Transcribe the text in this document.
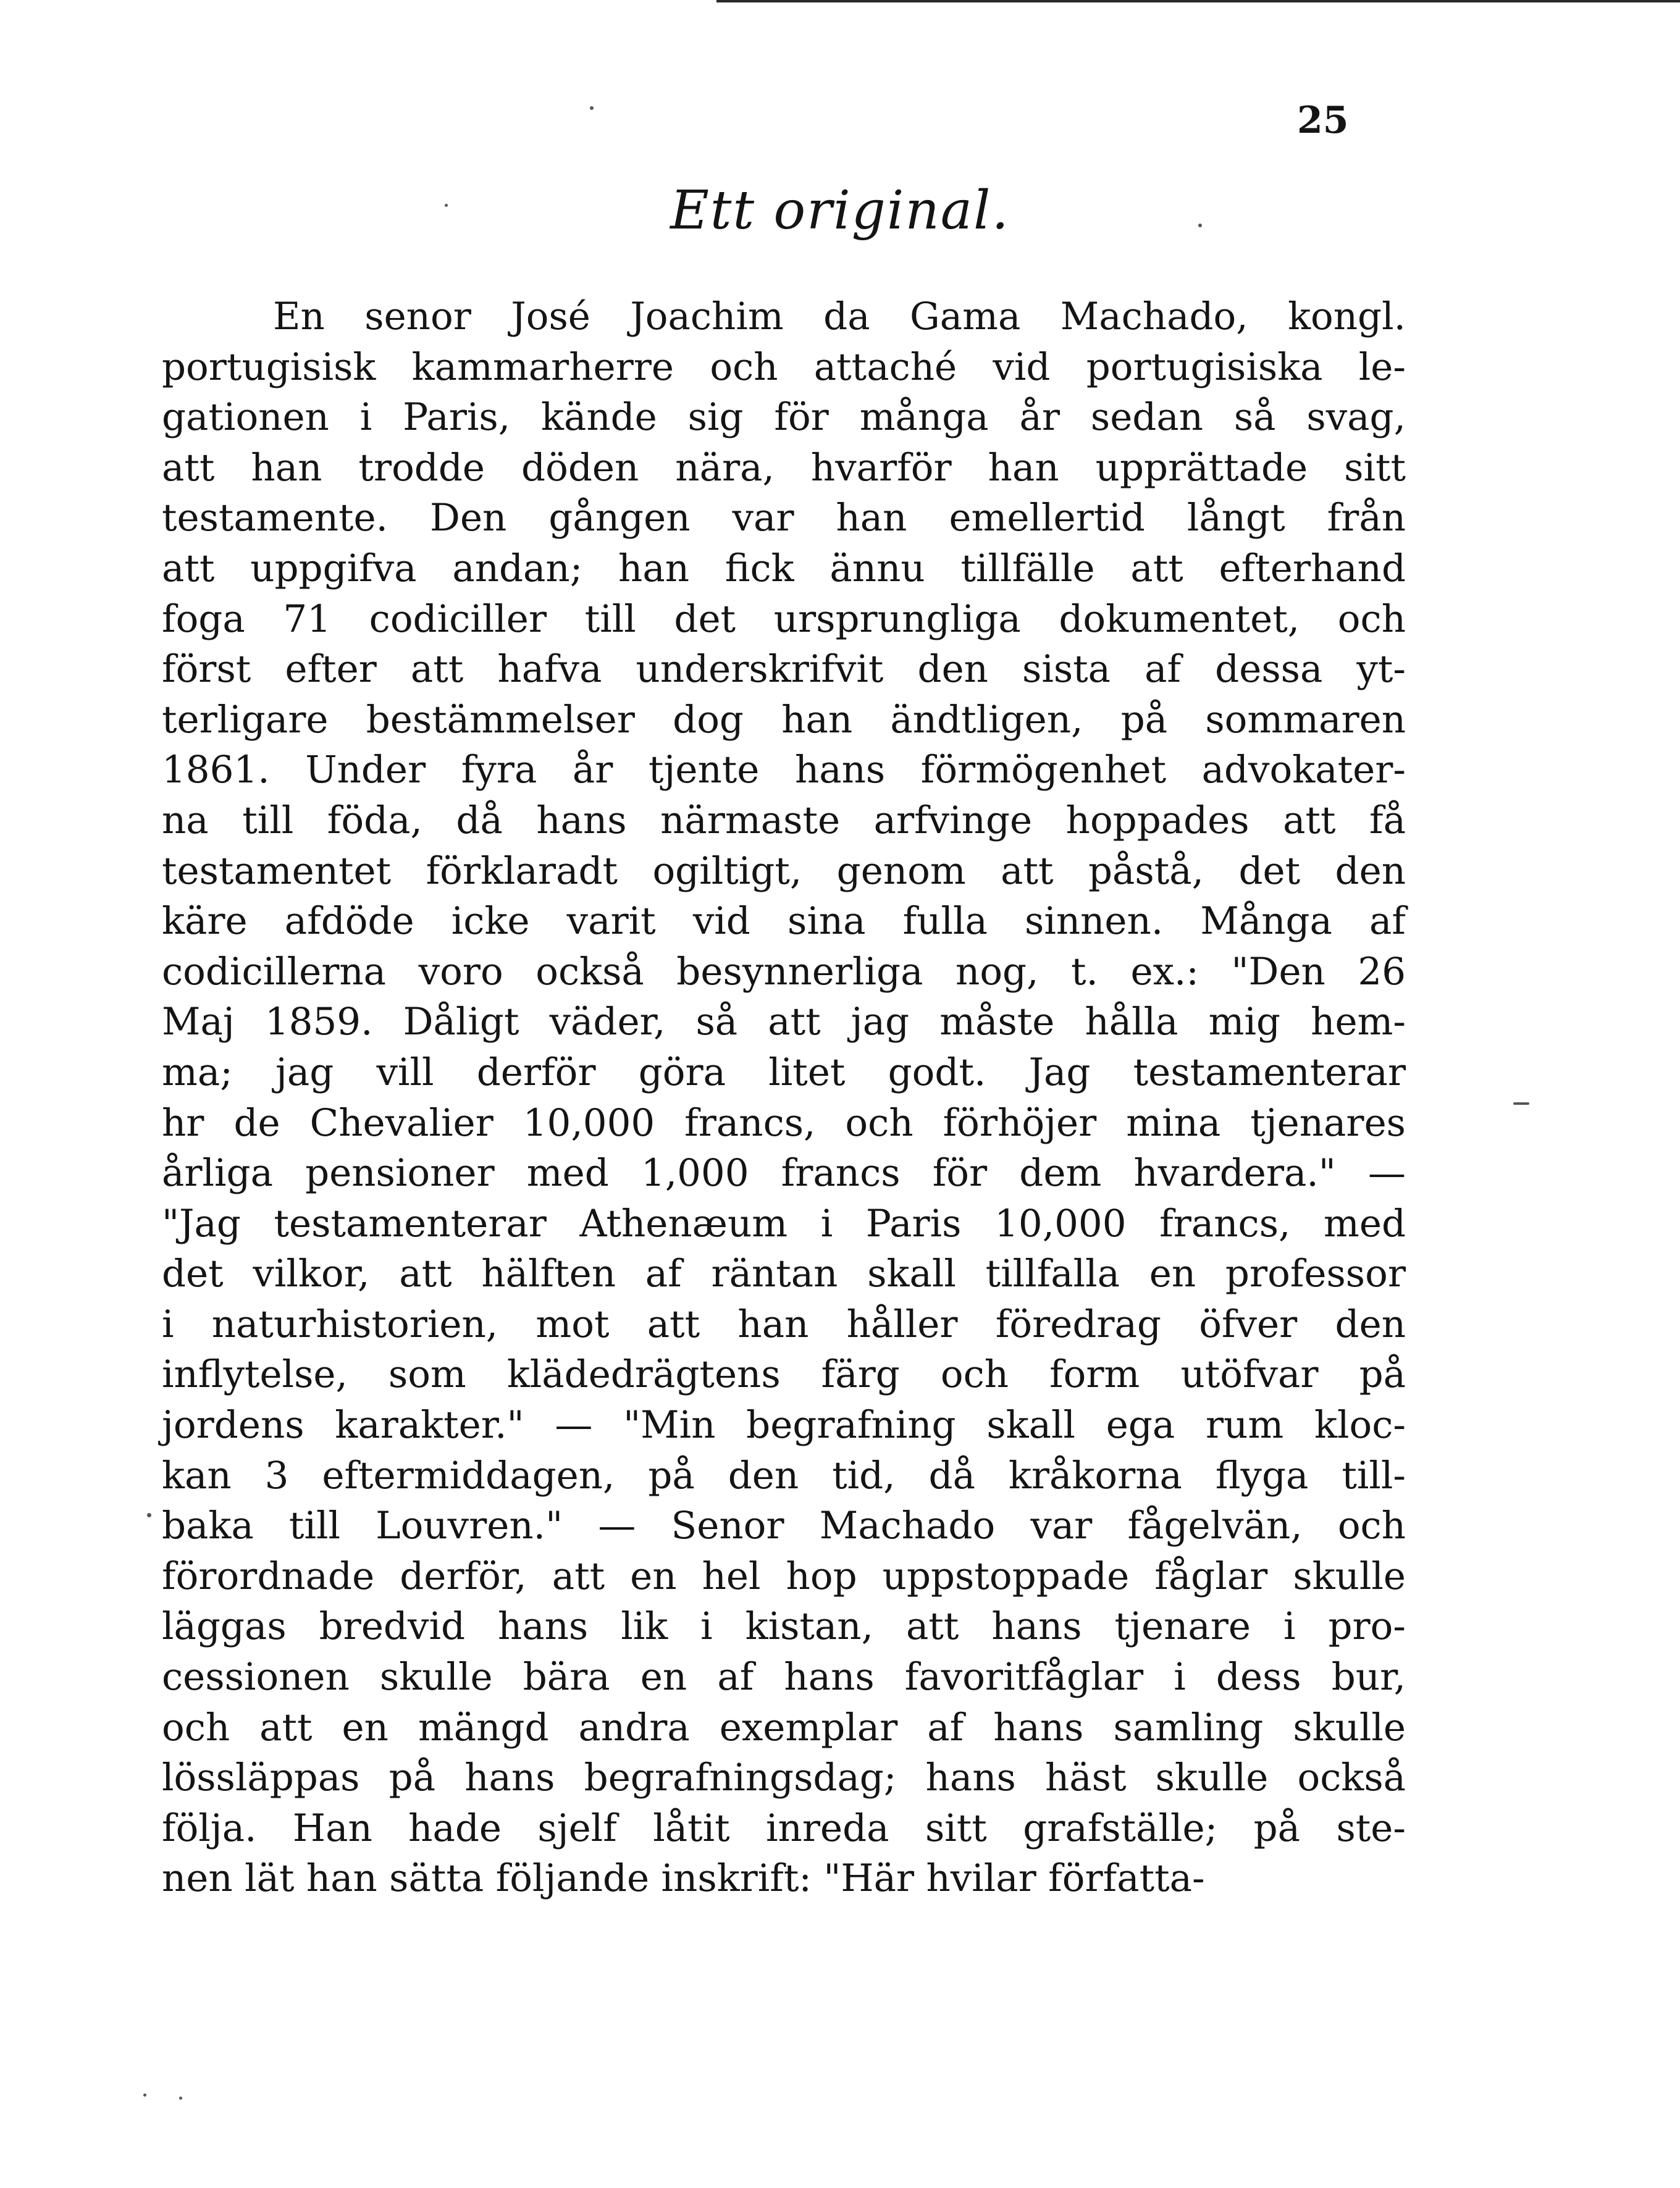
25
Ett original.
En senor José Joachim da Gama Machado, kongl.
portugisisk kammarherre och attaché vid portugisiska le-
gationen i Paris, kände sig för många år sedan så svag,
att han trodde döden nära, hvarför han upprättade sitt
testamente. Den gången var han emellertid långt från
att uppgifva andan; han fick ännu tillfälle att efterhand
foga 71 codiciller till det ursprungliga dokumentet, och
först efter att hafva underskrifvit den sista af dessa yt-
terligare bestämmelser dog han ändtligen, på sommaren
1861. Under fyra år tjente hans förmögenhet advokater-
na till föda, då hans närmaste arfvinge hoppades att få
testamentet förklaradt ogiltigt, genom att påstå, det den
käre afdöde icke varit vid sina fulla sinnen. Många af
codicillerna voro också besynnerliga nog, t. ex.: "Den 26
Maj 1859. Dåligt väder, så att jag måste hålla mig hem-
ma; jag vill derför göra litet godt. Jag testamenterar
hr de Chevalier 10,000 francs, och förhöjer mina tjenares
årliga pensioner med 1,000 francs för dem hvardera." —
"Jag testamenterar Athenæum i Paris 10,000 francs, med
det vilkor, att hälften af räntan skall tillfalla en professor
i naturhistorien, mot att han håller föredrag öfver den
inflytelse, som klädedrägtens färg och form utöfvar på
jordens karakter." — "Min begrafning skall ega rum kloc-
kan 3 eftermiddagen, på den tid, då kråkorna flyga till-
baka till Louvren." — Senor Machado var fågelvän, och
förordnade derför, att en hel hop uppstoppade fåglar skulle
läggas bredvid hans lik i kistan, att hans tjenare i pro-
cessionen skulle bära en af hans favoritfåglar i dess bur,
och att en mängd andra exemplar af hans samling skulle
lössläppas på hans begrafningsdag; hans häst skulle också
följa. Han hade sjelf låtit inreda sitt grafställe; på ste-
nen lät han sätta följande inskrift: "Här hvilar författa-
